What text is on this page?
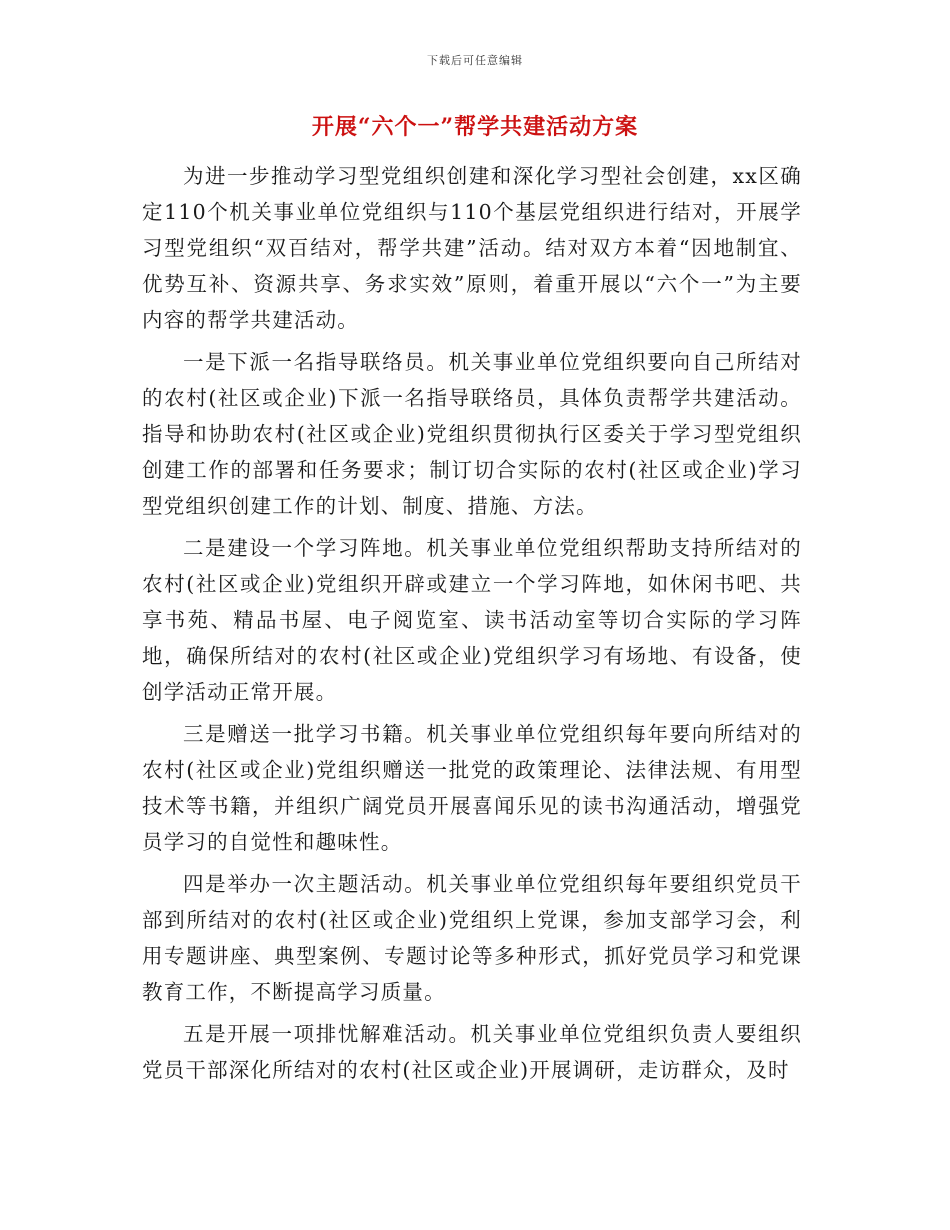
下载后可任意编辑
开展“六个一”帮学共建活动方案

为进一步推动学习型党组织创建和深化学习型社会创建，xx区确定110个机关事业单位党组织与110个基层党组织进行结对，开展学习型党组织“双百结对，帮学共建”活动。结对双方本着“因地制宜、优势互补、资源共享、务求实效”原则，着重开展以“六个一”为主要内容的帮学共建活动。

一是下派一名指导联络员。机关事业单位党组织要向自己所结对的农村(社区或企业)下派一名指导联络员，具体负责帮学共建活动。指导和协助农村(社区或企业)党组织贯彻执行区委关于学习型党组织创建工作的部署和任务要求；制订切合实际的农村(社区或企业)学习型党组织创建工作的计划、制度、措施、方法。

二是建设一个学习阵地。机关事业单位党组织帮助支持所结对的农村(社区或企业)党组织开辟或建立一个学习阵地，如休闲书吧、共享书苑、精品书屋、电子阅览室、读书活动室等切合实际的学习阵地，确保所结对的农村(社区或企业)党组织学习有场地、有设备，使创学活动正常开展。

三是赠送一批学习书籍。机关事业单位党组织每年要向所结对的农村(社区或企业)党组织赠送一批党的政策理论、法律法规、有用型技术等书籍，并组织广阔党员开展喜闻乐见的读书沟通活动，增强党员学习的自觉性和趣味性。

四是举办一次主题活动。机关事业单位党组织每年要组织党员干部到所结对的农村(社区或企业)党组织上党课，参加支部学习会，利用专题讲座、典型案例、专题讨论等多种形式，抓好党员学习和党课教育工作，不断提高学习质量。

五是开展一项排忧解难活动。机关事业单位党组织负责人要组织党员干部深化所结对的农村(社区或企业)开展调研，走访群众，及时
